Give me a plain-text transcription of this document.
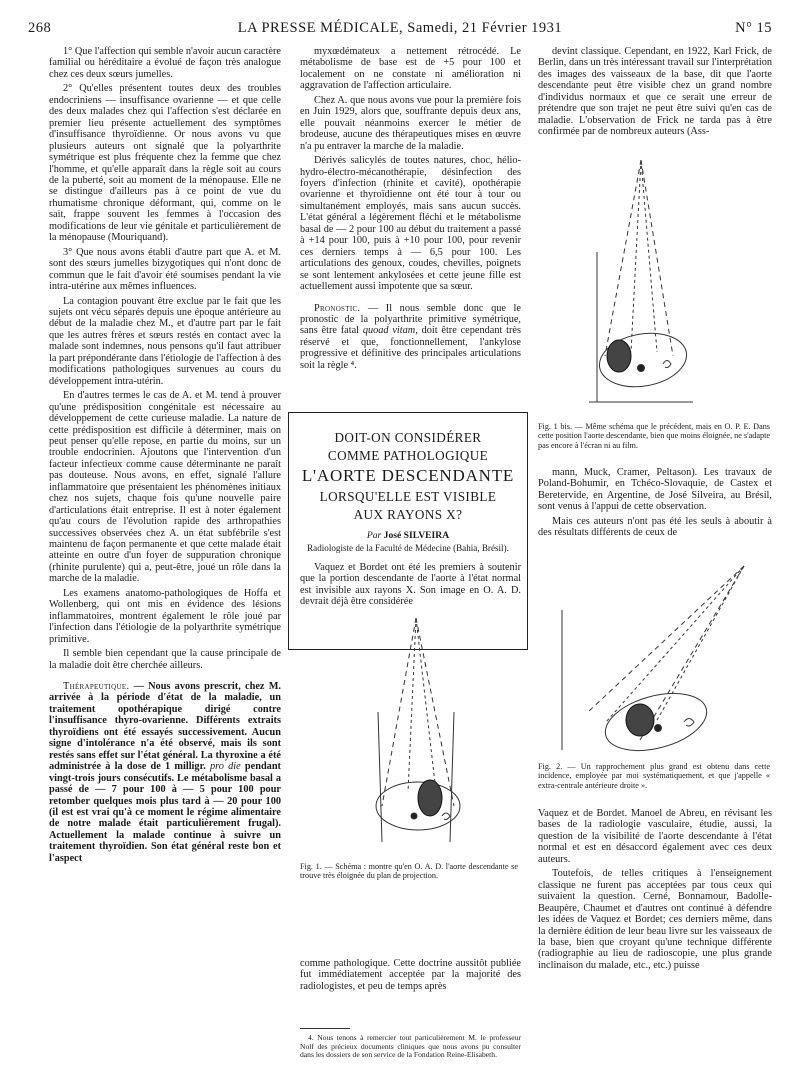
LA PRESSE MÉDICALE, Samedi, 21 Février 1931
268	N° 15

1° Que l'affection qui semble n'avoir aucun caractère familial ou héréditaire a évolué de façon très analogue chez ces deux sœurs jumelles.

2° Qu'elles présentent toutes deux des troubles endocriniens — insuffisance ovarienne — et que celle des deux malades chez qui l'affection s'est déclarée en premier lieu présente actuellement des symptômes d'insuffisance thyroïdienne. Or nous avons vu que plusieurs auteurs ont signalé que la polyarthrite symétrique est plus fréquente chez la femme que chez l'homme, et qu'elle apparaît dans la règle soit au cours de la puberté, soit au moment de la ménopause. Elle ne se distingue d'ailleurs pas à ce point de vue du rhumatisme chronique déformant, qui, comme on le sait, frappe souvent les femmes à l'occasion des modifications de leur vie génitale et particulièrement de la ménopause (Mouriquand).

3° Que nous avons établi d'autre part que A. et M. sont des sœurs jumelles bizygotiques qui n'ont donc de commun que le fait d'avoir été soumises pendant la vie intra-utérine aux mêmes influences.

La contagion pouvant être exclue par le fait que les sujets ont vécu séparés depuis une époque antérieure au début de la maladie chez M., et d'autre part par le fait que les autres frères et sœurs restés en contact avec la malade sont indemnes, nous pensons qu'il faut attribuer la part prépondérante dans l'étiologie de l'affection à des modifications pathologiques survenues au cours du développement intra-utérin.

En d'autres termes le cas de A. et M. tend à prouver qu'une prédisposition congénitale est nécessaire au développement de cette curieuse maladie. La nature de cette prédisposition est difficile à déterminer, mais on peut penser qu'elle repose, en partie du moins, sur un trouble endocrinien. Ajoutons que l'intervention d'un facteur infectieux comme cause déterminante ne paraît pas douteuse. Nous avons, en effet, signalé l'allure inflammatoire que présentaient les phénomènes initiaux chez nos sujets, chaque fois qu'une nouvelle paire d'articulations était entreprise. Il est à noter également qu'au cours de l'évolution rapide des arthropathies successives observées chez A. un état subfébrile s'est maintenu de façon permanente et que cette malade était atteinte en outre d'un foyer de suppuration chronique (rhinite purulente) qui a, peut-être, joué un rôle dans la marche de la maladie.

Les examens anatomo-pathologiques de Hoffa et Wollenberg, qui ont mis en évidence des lésions inflammatoires, montrent également le rôle joué par l'infection dans l'étiologie de la polyarthrite symétrique primitive.

Il semble bien cependant que la cause principale de la maladie doit être cherchée ailleurs.

Thérapeutique. — Nous avons prescrit, chez M. arrivée à la période d'état de la maladie, un traitement opothérapique dirigé contre l'insuffisance thyro-ovarienne. Différents extraits thyroïdiens ont été essayés successivement. Aucun signe d'intolérance n'a été observé, mais ils sont restés sans effet sur l'état général. La thyroxine a été administrée à la dose de 1 milligr. pro die pendant vingt-trois jours consécutifs. Le métabolisme basal a passé de — 7 pour 100 à — 5 pour 100 pour retomber quelques mois plus tard à — 20 pour 100 (il est est vrai qu'à ce moment le régime alimentaire de notre malade était particulièrement frugal). Actuellement la malade continue à suivre un traitement thyroïdien. Son état général reste bon et l'aspect

myxœdémateux a nettement rétrocédé. Le métabolisme de base est de +5 pour 100 et localement on ne constate ni amélioration ni aggravation de l'affection articulaire.

Chez A. que nous avons vue pour la première fois en Juin 1929, alors que, souffrante depuis deux ans, elle pouvait néanmoins exercer le métier de brodeuse, aucune des thérapeutiques mises en œuvre n'a pu entraver la marche de la maladie.

Dérivés salicylés de toutes natures, choc, hélio-hydro-électro-mécanothérapie, désinfection des foyers d'infection (rhinite et cavité), opothérapie ovarienne et thyroïdienne ont été tour à tour ou simultanément employés, mais sans aucun succès. L'état général a légèrement fléchi et le métabolisme basal de — 2 pour 100 au début du traitement a passé à +14 pour 100, puis à +10 pour 100, pour revenir ces derniers temps à — 6,5 pour 100. Les articulations des genoux, coudes, chevilles, poignets se sont lentement ankylosées et cette jeune fille est actuellement aussi impotente que sa sœur.

Pronostic. — Il nous semble donc que le pronostic de la polyarthrite primitive symétrique, sans être fatal quoad vitam, doit être cependant très réservé et que, fonctionnellement, l'ankylose progressive et définitive des principales articulations soit la règle ⁴.

DOIT-ON CONSIDÉRER
COMME PATHOLOGIQUE
L'AORTE DESCENDANTE
LORSQU'ELLE EST VISIBLE
AUX RAYONS X?
Par José SILVEIRA
Radiologiste de la Faculté de Médecine (Bahia, Brésil).

Vaquez et Bordet ont été les premiers à soutenir que la portion descendante de l'aorte à l'état normal est invisible aux rayons X. Son image en O. A. D. devrait déjà être considérée

Fig. 1. — Schéma : montre qu'en O. A. D. l'aorte descendante se trouve très éloignée du plan de projection.

comme pathologique. Cette doctrine aussitôt publiée fut immédiatement acceptée par la majorité des radiologistes, et peu de temps après

4. Nous tenons à remercier tout particulièrement M. le professeur Nolf des précieux documents cliniques que nous avons pu consulter dans les dossiers de son service de la Fondation Reine-Elisabeth.

devint classique. Cependant, en 1922, Karl Frick, de Berlin, dans un très intéressant travail sur l'interprétation des images des vaisseaux de la base, dit que l'aorte descendante peut être visible chez un grand nombre d'individus normaux et que ce serait une erreur de prétendre que son trajet ne peut être suivi qu'en cas de maladie. L'observation de Frick ne tarda pas à être confirmée par de nombreux auteurs (Ass-

Fig. 1 bis. — Même schéma que le précédent, mais en O. P. E. Dans cette position l'aorte descendante, bien que moins éloignée, ne s'adapte pas encore à l'écran ni au film.

mann, Muck, Cramer, Peltason). Les travaux de Poland-Bohumir, en Tchéco-Slovaquie, de Castex et Beretervide, en Argentine, de José Silveira, au Brésil, sont venus à l'appui de cette observation.

Mais ces auteurs n'ont pas été les seuls à aboutir à des résultats différents de ceux de

Fig. 2. — Un rapprochement plus grand est obtenu dans cette incidence, employée par moi systématiquement, et que j'appelle « extra-centrale antérieure droite ».

Vaquez et de Bordet. Manoel de Abreu, en révisant les bases de la radiologie vasculaire, étudie, aussi, la question de la visibilité de l'aorte descendante à l'état normal et est en désaccord également avec ces deux auteurs.

Toutefois, de telles critiques à l'enseignement classique ne furent pas acceptées par tous ceux qui suivaient la question. Cerné, Bonnamour, Badolle-Beaupère, Chaumet et d'autres ont continué à défendre les idées de Vaquez et Bordet; ces derniers même, dans la dernière édition de leur beau livre sur les vaisseaux de la base, bien que croyant qu'une technique différente (radiographie au lieu de radioscopie, une plus grande inclinaison du malade, etc., etc.) puisse
